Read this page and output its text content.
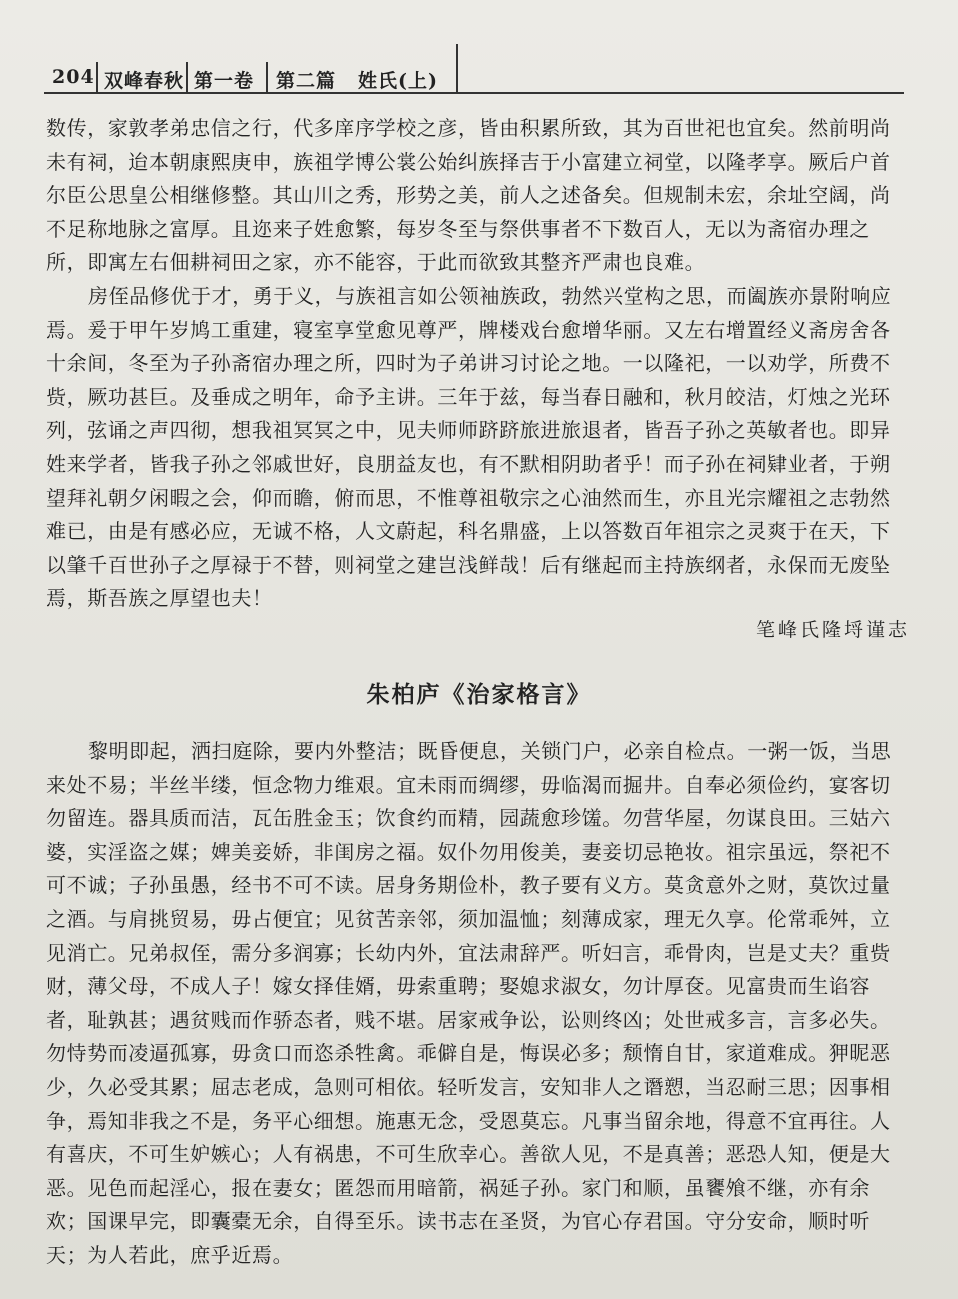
204 双峰春秋 第一卷 第二篇 姓氏(上)
数传，家敦孝弟忠信之行，代多庠序学校之彦，皆由积累所致，其为百世祀也宜矣。然前明尚
未有祠，迨本朝康熙庚申，族祖学博公裳公始纠族择吉于小富建立祠堂，以隆孝享。厥后户首
尔臣公思皇公相继修整。其山川之秀，形势之美，前人之述备矣。但规制未宏，余址空阔，尚
不足称地脉之富厚。且迩来子姓愈繁，每岁冬至与祭供事者不下数百人，无以为斋宿办理之
所，即寓左右佃耕祠田之家，亦不能容，于此而欲致其整齐严肃也良难。
房侄品修优于才，勇于义，与族祖言如公领袖族政，勃然兴堂构之思，而阖族亦景附响应
焉。爰于甲午岁鸠工重建，寝室享堂愈见尊严，牌楼戏台愈增华丽。又左右增置经义斋房舍各
十余间，冬至为子孙斋宿办理之所，四时为子弟讲习讨论之地。一以隆祀，一以劝学，所费不
赀，厥功甚巨。及垂成之明年，命予主讲。三年于兹，每当春日融和，秋月皎洁，灯烛之光环
列，弦诵之声四彻，想我祖冥冥之中，见夫师师跻跻旅进旅退者，皆吾子孙之英敏者也。即异
姓来学者，皆我子孙之邻戚世好，良朋益友也，有不默相阴助者乎！而子孙在祠肄业者，于朔
望拜礼朝夕闲暇之会，仰而瞻，俯而思，不惟尊祖敬宗之心油然而生，亦且光宗耀祖之志勃然
难已，由是有感必应，无诚不格，人文蔚起，科名鼎盛，上以答数百年祖宗之灵爽于在天，下
以肇千百世孙子之厚禄于不替，则祠堂之建岂浅鲜哉！后有继起而主持族纲者，永保而无废坠
焉，斯吾族之厚望也夫！
笔峰氏隆埒谨志
朱柏庐《治家格言》
黎明即起，洒扫庭除，要内外整洁；既昏便息，关锁门户，必亲自检点。一粥一饭，当思
来处不易；半丝半缕，恒念物力维艰。宜未雨而绸缪，毋临渴而掘井。自奉必须俭约，宴客切
勿留连。器具质而洁，瓦缶胜金玉；饮食约而精，园蔬愈珍馐。勿营华屋，勿谋良田。三姑六
婆，实淫盗之媒；婢美妾娇，非闺房之福。奴仆勿用俊美，妻妾切忌艳妆。祖宗虽远，祭祀不
可不诚；子孙虽愚，经书不可不读。居身务期俭朴，教子要有义方。莫贪意外之财，莫饮过量
之酒。与肩挑贸易，毋占便宜；见贫苦亲邻，须加温恤；刻薄成家，理无久享。伦常乖舛，立
见消亡。兄弟叔侄，需分多润寡；长幼内外，宜法肃辞严。听妇言，乖骨肉，岂是丈夫？重赀
财，薄父母，不成人子！嫁女择佳婿，毋索重聘；娶媳求淑女，勿计厚奁。见富贵而生谄容
者，耻孰甚；遇贫贱而作骄态者，贱不堪。居家戒争讼，讼则终凶；处世戒多言，言多必失。
勿恃势而凌逼孤寡，毋贪口而恣杀牲禽。乖僻自是，悔误必多；颓惰自甘，家道难成。狎昵恶
少，久必受其累；屈志老成，急则可相依。轻听发言，安知非人之谮愬，当忍耐三思；因事相
争，焉知非我之不是，务平心细想。施惠无念，受恩莫忘。凡事当留余地，得意不宜再往。人
有喜庆，不可生妒嫉心；人有祸患，不可生欣幸心。善欲人见，不是真善；恶恐人知，便是大
恶。见色而起淫心，报在妻女；匿怨而用暗箭，祸延子孙。家门和顺，虽饔飧不继，亦有余
欢；国课早完，即囊橐无余，自得至乐。读书志在圣贤，为官心存君国。守分安命，顺时听
天；为人若此，庶乎近焉。
